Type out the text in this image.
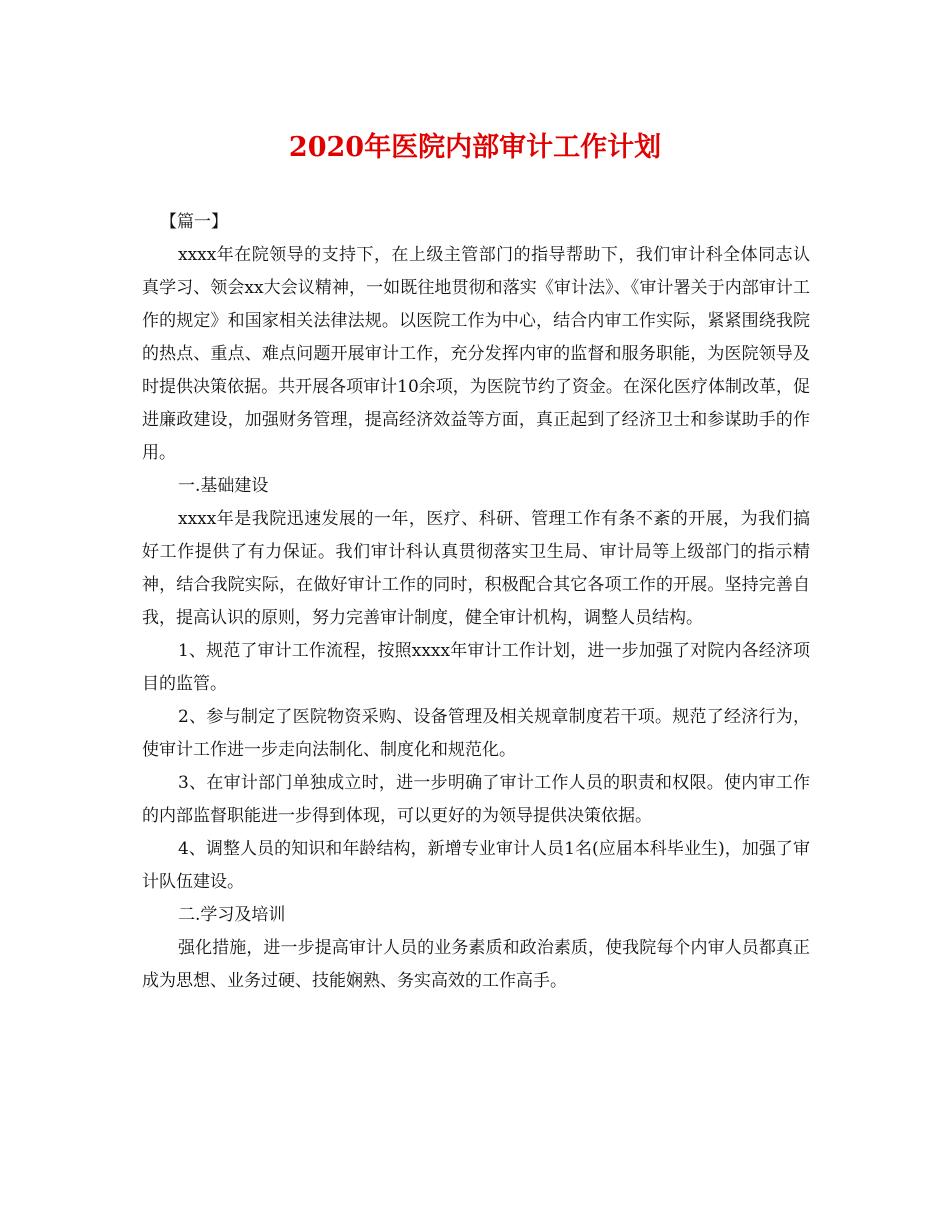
2020年医院内部审计工作计划

【篇一】

xxxx年在院领导的支持下，在上级主管部门的指导帮助下，我们审计科全体同志认真学习、领会xx大会议精神，一如既往地贯彻和落实《审计法》、《审计署关于内部审计工作的规定》和国家相关法律法规。以医院工作为中心，结合内审工作实际，紧紧围绕我院的热点、重点、难点问题开展审计工作，充分发挥内审的监督和服务职能，为医院领导及时提供决策依据。共开展各项审计10余项，为医院节约了资金。在深化医疗体制改革，促进廉政建设，加强财务管理，提高经济效益等方面，真正起到了经济卫士和参谋助手的作用。

一.基础建设

xxxx年是我院迅速发展的一年，医疗、科研、管理工作有条不紊的开展，为我们搞好工作提供了有力保证。我们审计科认真贯彻落实卫生局、审计局等上级部门的指示精神，结合我院实际，在做好审计工作的同时，积极配合其它各项工作的开展。坚持完善自我，提高认识的原则，努力完善审计制度，健全审计机构，调整人员结构。

1、规范了审计工作流程，按照xxxx年审计工作计划，进一步加强了对院内各经济项目的监管。

2、参与制定了医院物资采购、设备管理及相关规章制度若干项。规范了经济行为，使审计工作进一步走向法制化、制度化和规范化。

3、在审计部门单独成立时，进一步明确了审计工作人员的职责和权限。使内审工作的内部监督职能进一步得到体现，可以更好的为领导提供决策依据。

4、调整人员的知识和年龄结构，新增专业审计人员1名(应届本科毕业生)，加强了审计队伍建设。

二.学习及培训

强化措施，进一步提高审计人员的业务素质和政治素质，使我院每个内审人员都真正成为思想、业务过硬、技能娴熟、务实高效的工作高手。
